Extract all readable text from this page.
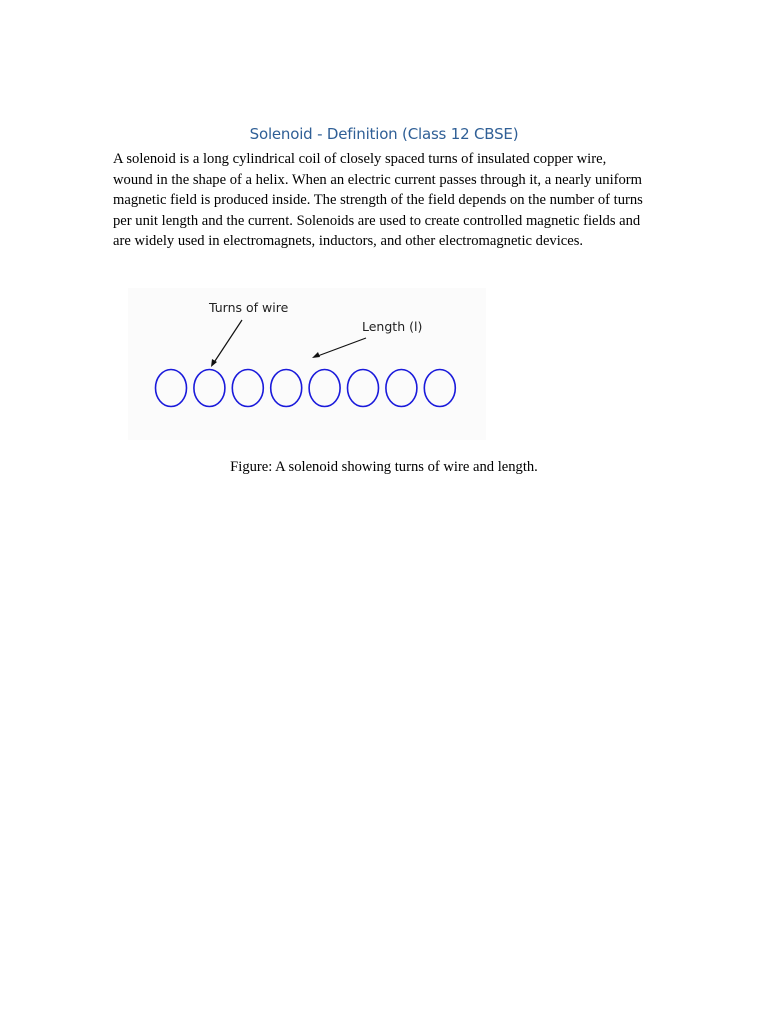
Solenoid - Definition (Class 12 CBSE)

A solenoid is a long cylindrical coil of closely spaced turns of insulated copper wire, wound in the shape of a helix. When an electric current passes through it, a nearly uniform magnetic field is produced inside. The strength of the field depends on the number of turns per unit length and the current. Solenoids are used to create controlled magnetic fields and are widely used in electromagnets, inductors, and other electromagnetic devices.

Turns of wire
Length (l)

Figure: A solenoid showing turns of wire and length.
